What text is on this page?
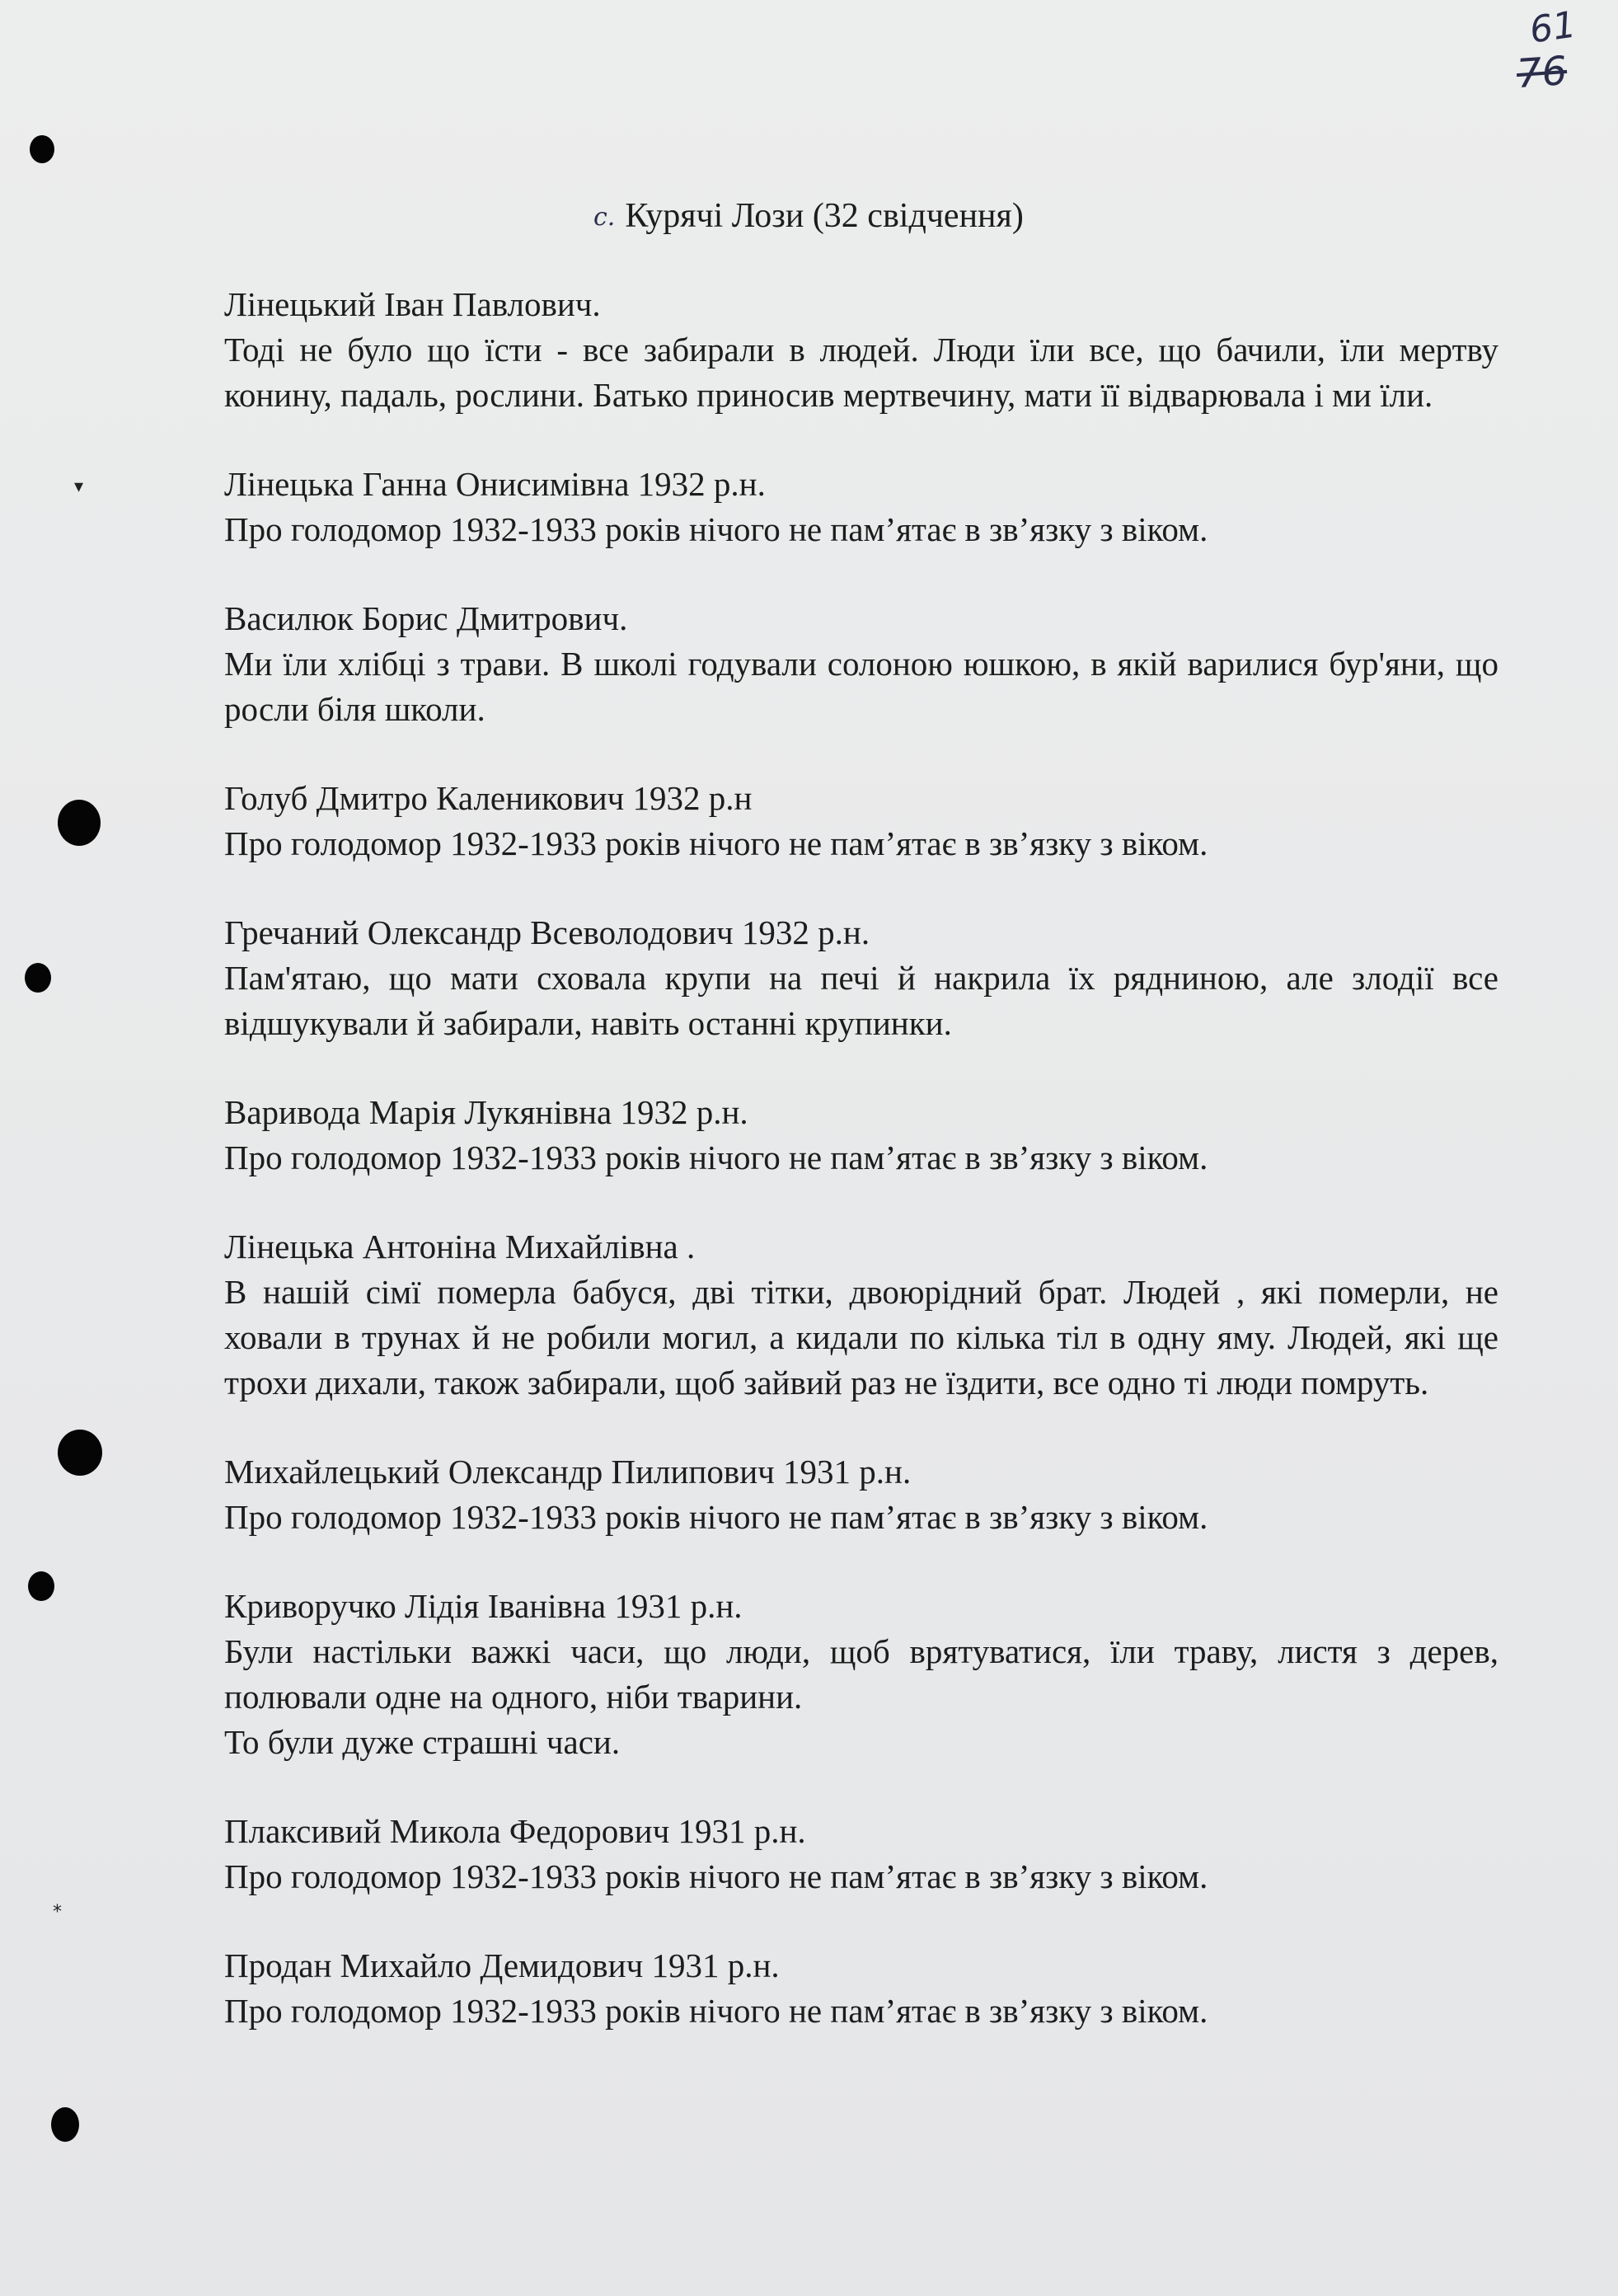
61
76
▾
⁎
с. Курячі Лози (32 свідчення)
Лінецький Іван Павлович.
Тоді не було що їсти - все забирали в людей. Люди їли все, що бачили, їли мертву конину, падаль, рослини. Батько приносив мертвечину, мати її відварювала і ми їли.
Лінецька Ганна Онисимівна 1932 р.н.
Про голодомор 1932-1933 років нічого не пам’ятає в зв’язку з віком.
Василюк Борис Дмитрович.
Ми їли хлібці з трави. В школі годували солоною юшкою, в якій варилися бур'яни, що росли біля школи.
Голуб Дмитро Каленикович 1932 р.н
Про голодомор 1932-1933 років нічого не пам’ятає в зв’язку з віком.
Гречаний Олександр Всеволодович 1932 р.н.
Пам'ятаю, що мати сховала крупи на печі й накрила їх рядниною, але злодії все відшукували й забирали, навіть останні крупинки.
Варивода Марія Лукянівна 1932 р.н.
Про голодомор 1932-1933 років нічого не пам’ятає в зв’язку з віком.
Лінецька Антоніна Михайлівна .
В нашій сімї померла бабуся, дві тітки, двоюрідний брат. Людей , які померли, не ховали в трунах й не робили могил, а кидали по кілька тіл в одну яму. Людей, які ще трохи дихали, також забирали, щоб зайвий раз не їздити, все одно ті люди помруть.
Михайлецький Олександр Пилипович 1931 р.н.
Про голодомор 1932-1933 років нічого не пам’ятає в зв’язку з віком.
Криворучко Лідія Іванівна 1931 р.н.
Були настільки важкі часи, що люди, щоб врятуватися, їли траву, листя з дерев, полювали одне на одного, ніби тварини.
То були дуже страшні часи.
Плаксивий Микола Федорович 1931 р.н.
Про голодомор 1932-1933 років нічого не пам’ятає в зв’язку з віком.
Продан Михайло Демидович 1931 р.н.
Про голодомор 1932-1933 років нічого не пам’ятає в зв’язку з віком.
